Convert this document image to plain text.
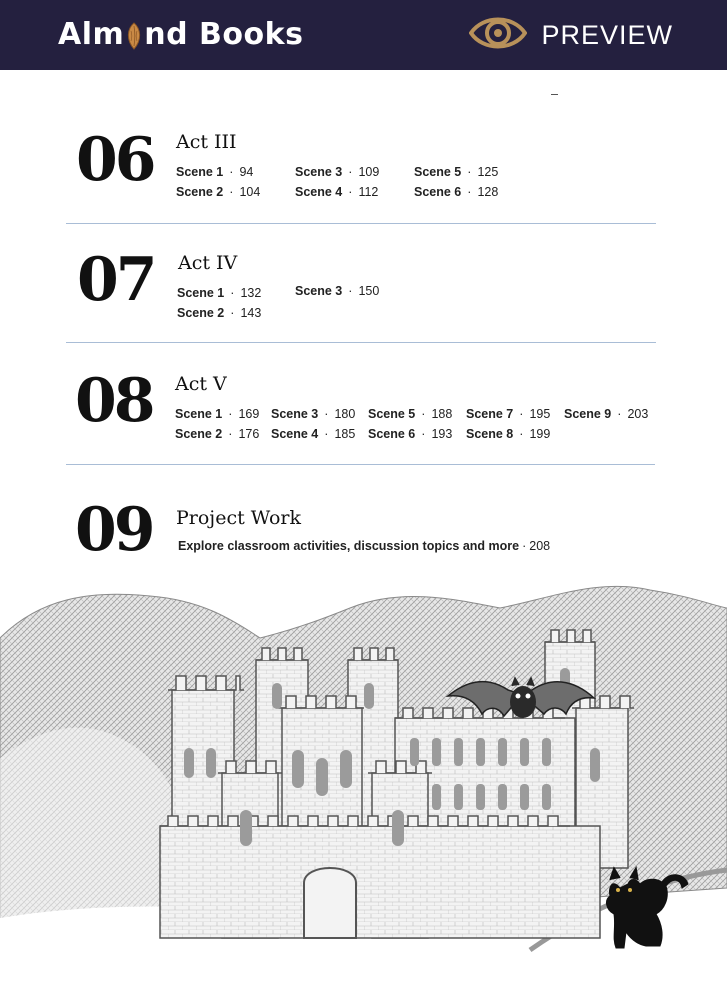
Alm nd Books	PREVIEW
06 Act III
Scene 1 · 94
Scene 2 · 104
Scene 3 · 109
Scene 4 · 112
Scene 5 · 125
Scene 6 · 128
07 Act IV
Scene 1 · 132
Scene 2 · 143
Scene 3 · 150
08 Act V
Scene 1 · 169
Scene 2 · 176
Scene 3 · 180
Scene 4 · 185
Scene 5 · 188
Scene 6 · 193
Scene 7 · 195
Scene 8 · 199
Scene 9 · 203
09 Project Work
Explore classroom activities, discussion topics and more · 208
